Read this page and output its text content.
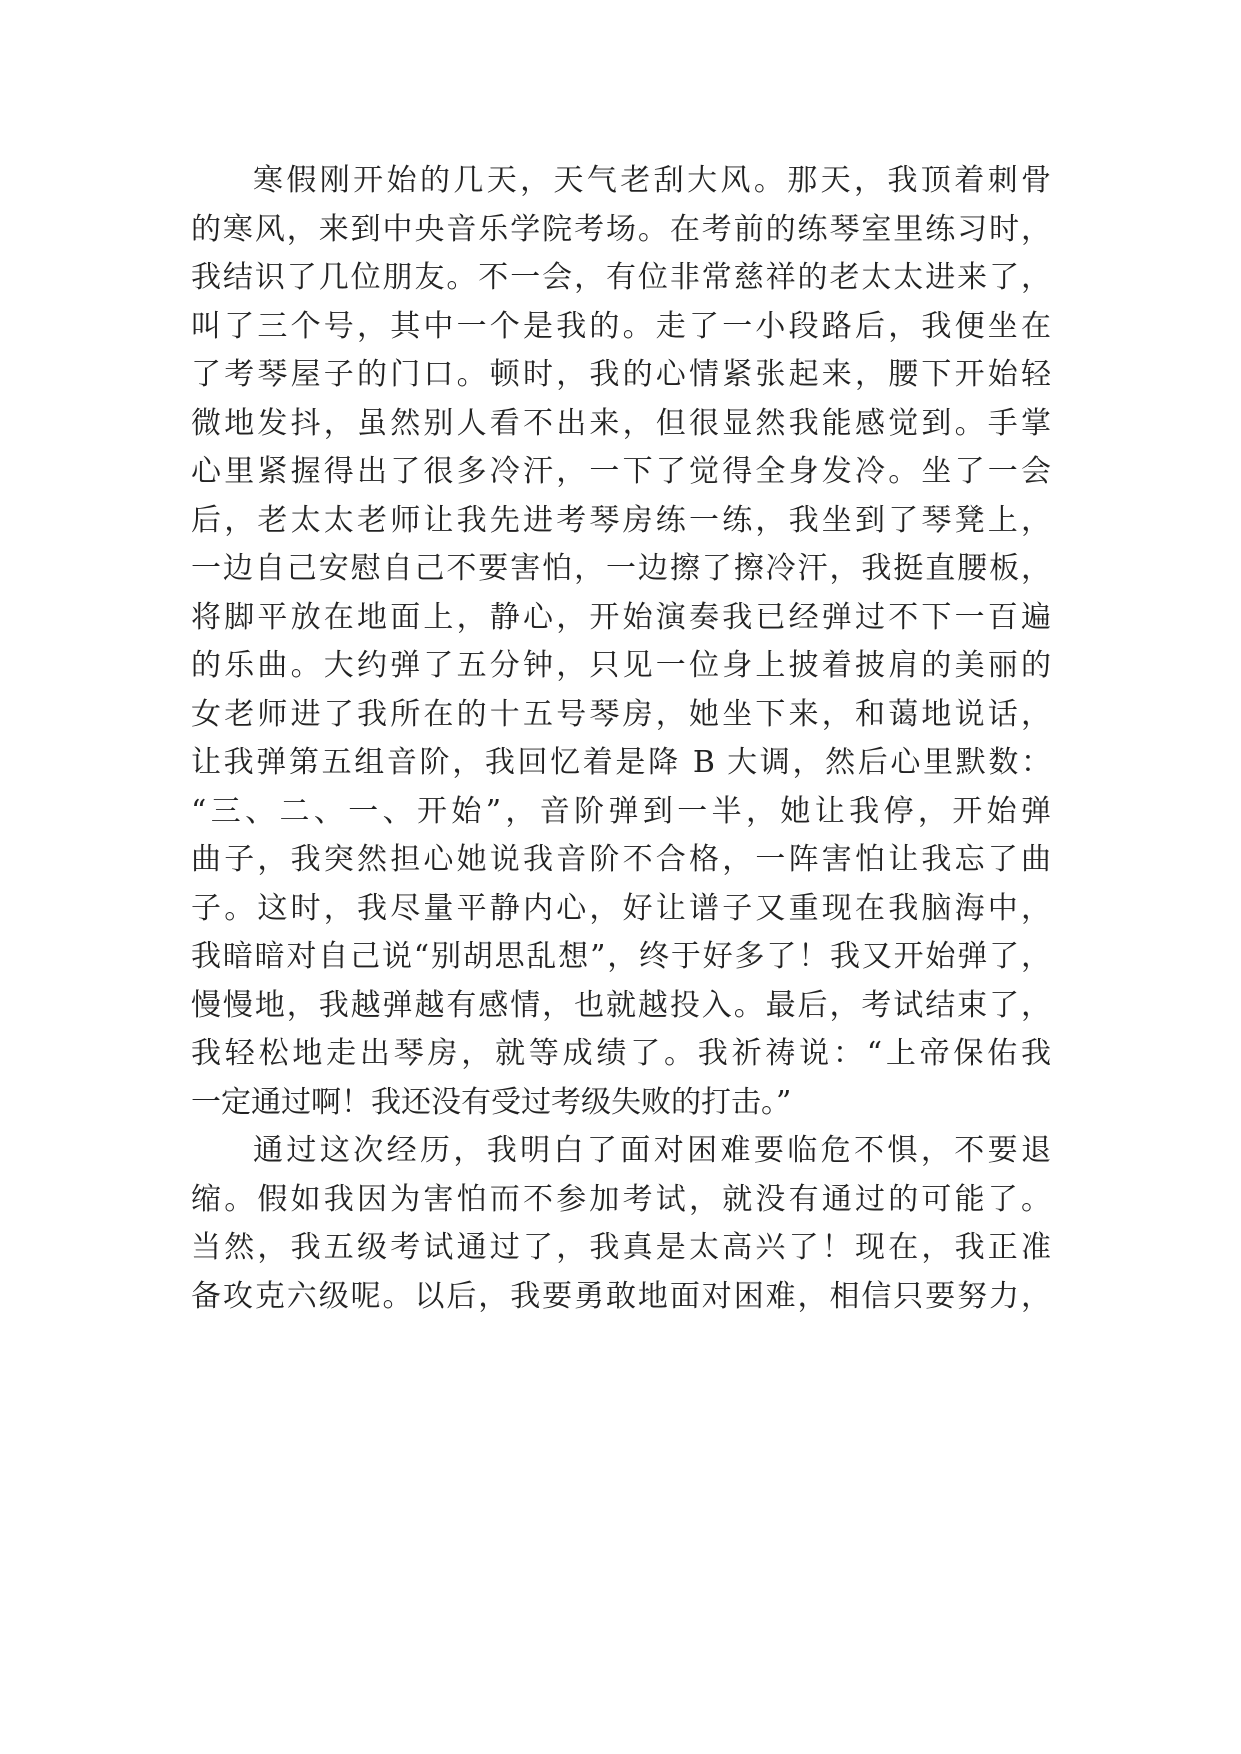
寒假刚开始的几天，天气老刮大风。那天，我顶着刺骨
的寒风，来到中央音乐学院考场。在考前的练琴室里练习时，
我结识了几位朋友。不一会，有位非常慈祥的老太太进来了，
叫了三个号，其中一个是我的。走了一小段路后，我便坐在
了考琴屋子的门口。顿时，我的心情紧张起来，腰下开始轻
微地发抖，虽然别人看不出来，但很显然我能感觉到。手掌
心里紧握得出了很多冷汗，一下了觉得全身发冷。坐了一会
后，老太太老师让我先进考琴房练一练，我坐到了琴凳上，
一边自己安慰自己不要害怕，一边擦了擦冷汗，我挺直腰板，
将脚平放在地面上，静心，开始演奏我已经弹过不下一百遍
的乐曲。大约弹了五分钟，只见一位身上披着披肩的美丽的
女老师进了我所在的十五号琴房，她坐下来，和蔼地说话，
让我弹第五组音阶，我回忆着是降 B 大调，然后心里默数：
“三、二、一、开始”，音阶弹到一半，她让我停，开始弹
曲子，我突然担心她说我音阶不合格，一阵害怕让我忘了曲
子。这时，我尽量平静内心，好让谱子又重现在我脑海中，
我暗暗对自己说“别胡思乱想”，终于好多了！我又开始弹了，
慢慢地，我越弹越有感情，也就越投入。最后，考试结束了，
我轻松地走出琴房，就等成绩了。我祈祷说：“上帝保佑我
一定通过啊！我还没有受过考级失败的打击。”
通过这次经历，我明白了面对困难要临危不惧，不要退
缩。假如我因为害怕而不参加考试，就没有通过的可能了。
当然，我五级考试通过了，我真是太高兴了！现在，我正准
备攻克六级呢。以后，我要勇敢地面对困难，相信只要努力，
